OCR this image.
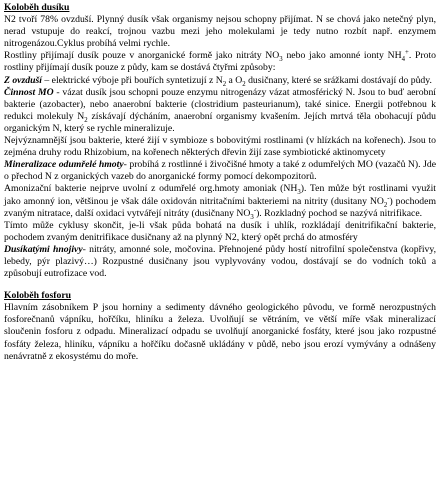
Koloběh dusíku

N2 tvoří 78% ovzduší. Plynný dusík však organismy nejsou schopny přijímat. N se chová jako netečný plyn, nerad vstupuje do reakcí, trojnou vazbu mezi jeho molekulami je tedy nutno rozbít např. enzymem nitrogenázou.Cyklus probíhá velmi rychle.

Rostliny přijímají dusík pouze v anorganické formě jako nitráty $NO_3$ nebo jako amonné ionty $NH_4^+$. Proto rostliny přijímají dusík pouze z půdy, kam se dostává čtyřmi způsoby:

Z ovzduší – elektrické výboje při bouřích syntetizují z $N_2$ a $O_2$ dusičnany, které se srážkami dostávají do půdy.

Činnost MO - vázat dusík jsou schopni pouze enzymu nitrogenázy vázat atmosférický N. Jsou to buď aerobní bakterie (azobacter), nebo anaerobní bakterie (clostridium pasteurianum), také sinice. Energii potřebnou k redukci molekuly $N_2$ získávají dýcháním, anaerobní organismy kvašením. Jejích mrtvá těla obohacují půdu organickým N, který se rychle mineralizuje.

Nejvýznamnější jsou bakterie, které žijí v symbioze s bobovitými rostlinami (v hlízkách na kořenech). Jsou to zejména druhy rodu Rhizobium, na kořenech některých dřevin žijí zase symbiotické aktinomycety

Mineralizace odumřelé hmoty- probíhá z rostlinné i živočišné hmoty a také z odumřelých MO (vazačů N). Jde o přechod N z organických vazeb do anorganické formy pomocí dekompozitorů.

Amonizační bakterie nejprve uvolní z odumřelé org.hmoty amoniak $(NH_3)$. Ten může být rostlinami využit jako amonný ion, většinou je však dále oxidován nitritačními bakteriemi na nitrity (dusitany $NO_2^-$) pochodem zvaným nitratace, další oxidaci vytvářejí nitráty (dusičnany $NO_3^-$). Rozkladný pochod se nazývá nitrifikace.

Tímto může cyklusy skončit, je-li však půda bohatá na dusík i uhlík, rozkládají denitrifikační bakterie, pochodem zvaným denitrifikace dusičnany až na plynný N2, který opět prchá do atmosféry

Dusíkatými hnojivy- nitráty, amonné sole, močovina. Přehnojené půdy hostí nitrofilní společenstva (kopřivy, lebedy, pýr plazivý…) Rozpustné dusičnany jsou vyplyvovány vodou, dostávají se do vodních toků a způsobují eutrofizace vod.

Koloběh fosforu

Hlavním zásobníkem P jsou horniny a sedimenty dávného geologického původu, ve formě nerozpustných fosforečnanů vápníku, hořčíku, hliníku a železa. Uvolňují se větráním, ve větší míře však mineralizací sloučenin fosforu z odpadu. Mineralizací odpadu se uvolňují anorganické fosfáty, které jsou jako rozpustné fosfáty železa, hliníku, vápníku a hořčíku dočasně ukládány v půdě, nebo jsou erozí vymývány a odnášeny nenávratně z ekosystému do moře.
